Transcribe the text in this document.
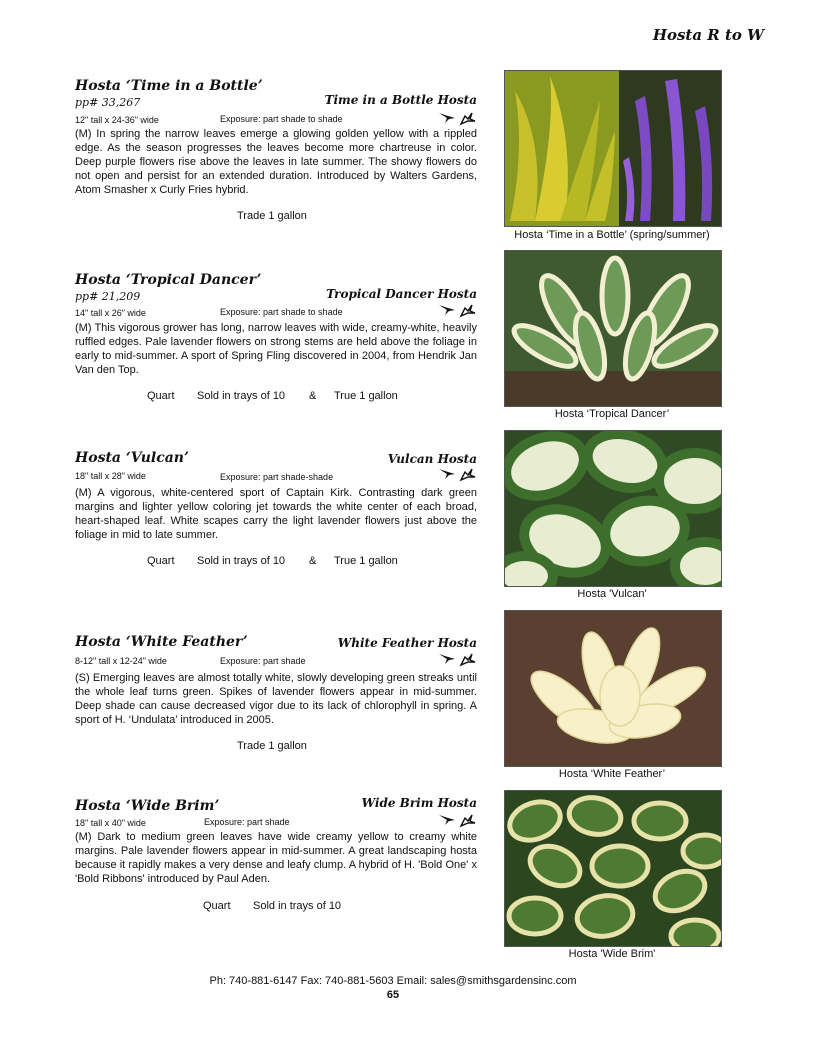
Hosta R to W
Hosta ‘Time in a Bottle’
pp# 33,267	Time in a Bottle Hosta
12" tall x 24-36" wide	Exposure: part shade to shade

(M) In spring the narrow leaves emerge a glowing golden yellow with a rippled edge. As the season progresses the leaves become more chartreuse in color. Deep purple flowers rise above the leaves in late summer. The showy flowers do not open and persist for an extended duration. Introduced by Walters Gardens, Atom Smasher x Curly Fries hybrid.

Trade 1 gallon
Hosta ‘Time in a Bottle’ (spring/summer)
Hosta ‘Tropical Dancer’
pp# 21,209	Tropical Dancer Hosta
14" tall x 26" wide	Exposure: part shade to shade

(M) This vigorous grower has long, narrow leaves with wide, creamy-white, heavily ruffled edges. Pale lavender flowers on strong stems are held above the foliage in early to mid-summer. A sport of Spring Fling discovered in 2004, from Hendrik Jan Van den Top.

Quart Sold in trays of 10 & True 1 gallon
Hosta ‘Tropical Dancer’
Hosta ‘Vulcan’	Vulcan Hosta
18" tall x 28" wide	Exposure: part shade-shade

(M) A vigorous, white-centered sport of Captain Kirk. Contrasting dark green margins and lighter yellow coloring jet towards the white center of each broad, heart-shaped leaf. White scapes carry the light lavender flowers just above the foliage in mid to late summer.

Quart Sold in trays of 10 & True 1 gallon
Hosta 'Vulcan'
Hosta ‘White Feather’	White Feather Hosta
8-12" tall x 12-24" wide	Exposure: part shade

(S) Emerging leaves are almost totally white, slowly developing green streaks until the whole leaf turns green. Spikes of lavender flowers appear in mid-summer. Deep shade can cause decreased vigor due to its lack of chlorophyll in spring. A sport of H. ‘Undulata’ introduced in 2005.

Trade 1 gallon
Hosta ‘White Feather’
Hosta ‘Wide Brim’	Wide Brim Hosta
18" tall x 40" wide	Exposure: part shade

(M) Dark to medium green leaves have wide creamy yellow to creamy white margins. Pale lavender flowers appear in mid-summer. A great landscaping hosta because it rapidly makes a very dense and leafy clump. A hybrid of H. 'Bold One' x 'Bold Ribbons' introduced by Paul Aden.

Quart Sold in trays of 10
Hosta 'Wide Brim'
Ph: 740-881-6147 Fax: 740-881-5603 Email: sales@smithsgardensinc.com
65
